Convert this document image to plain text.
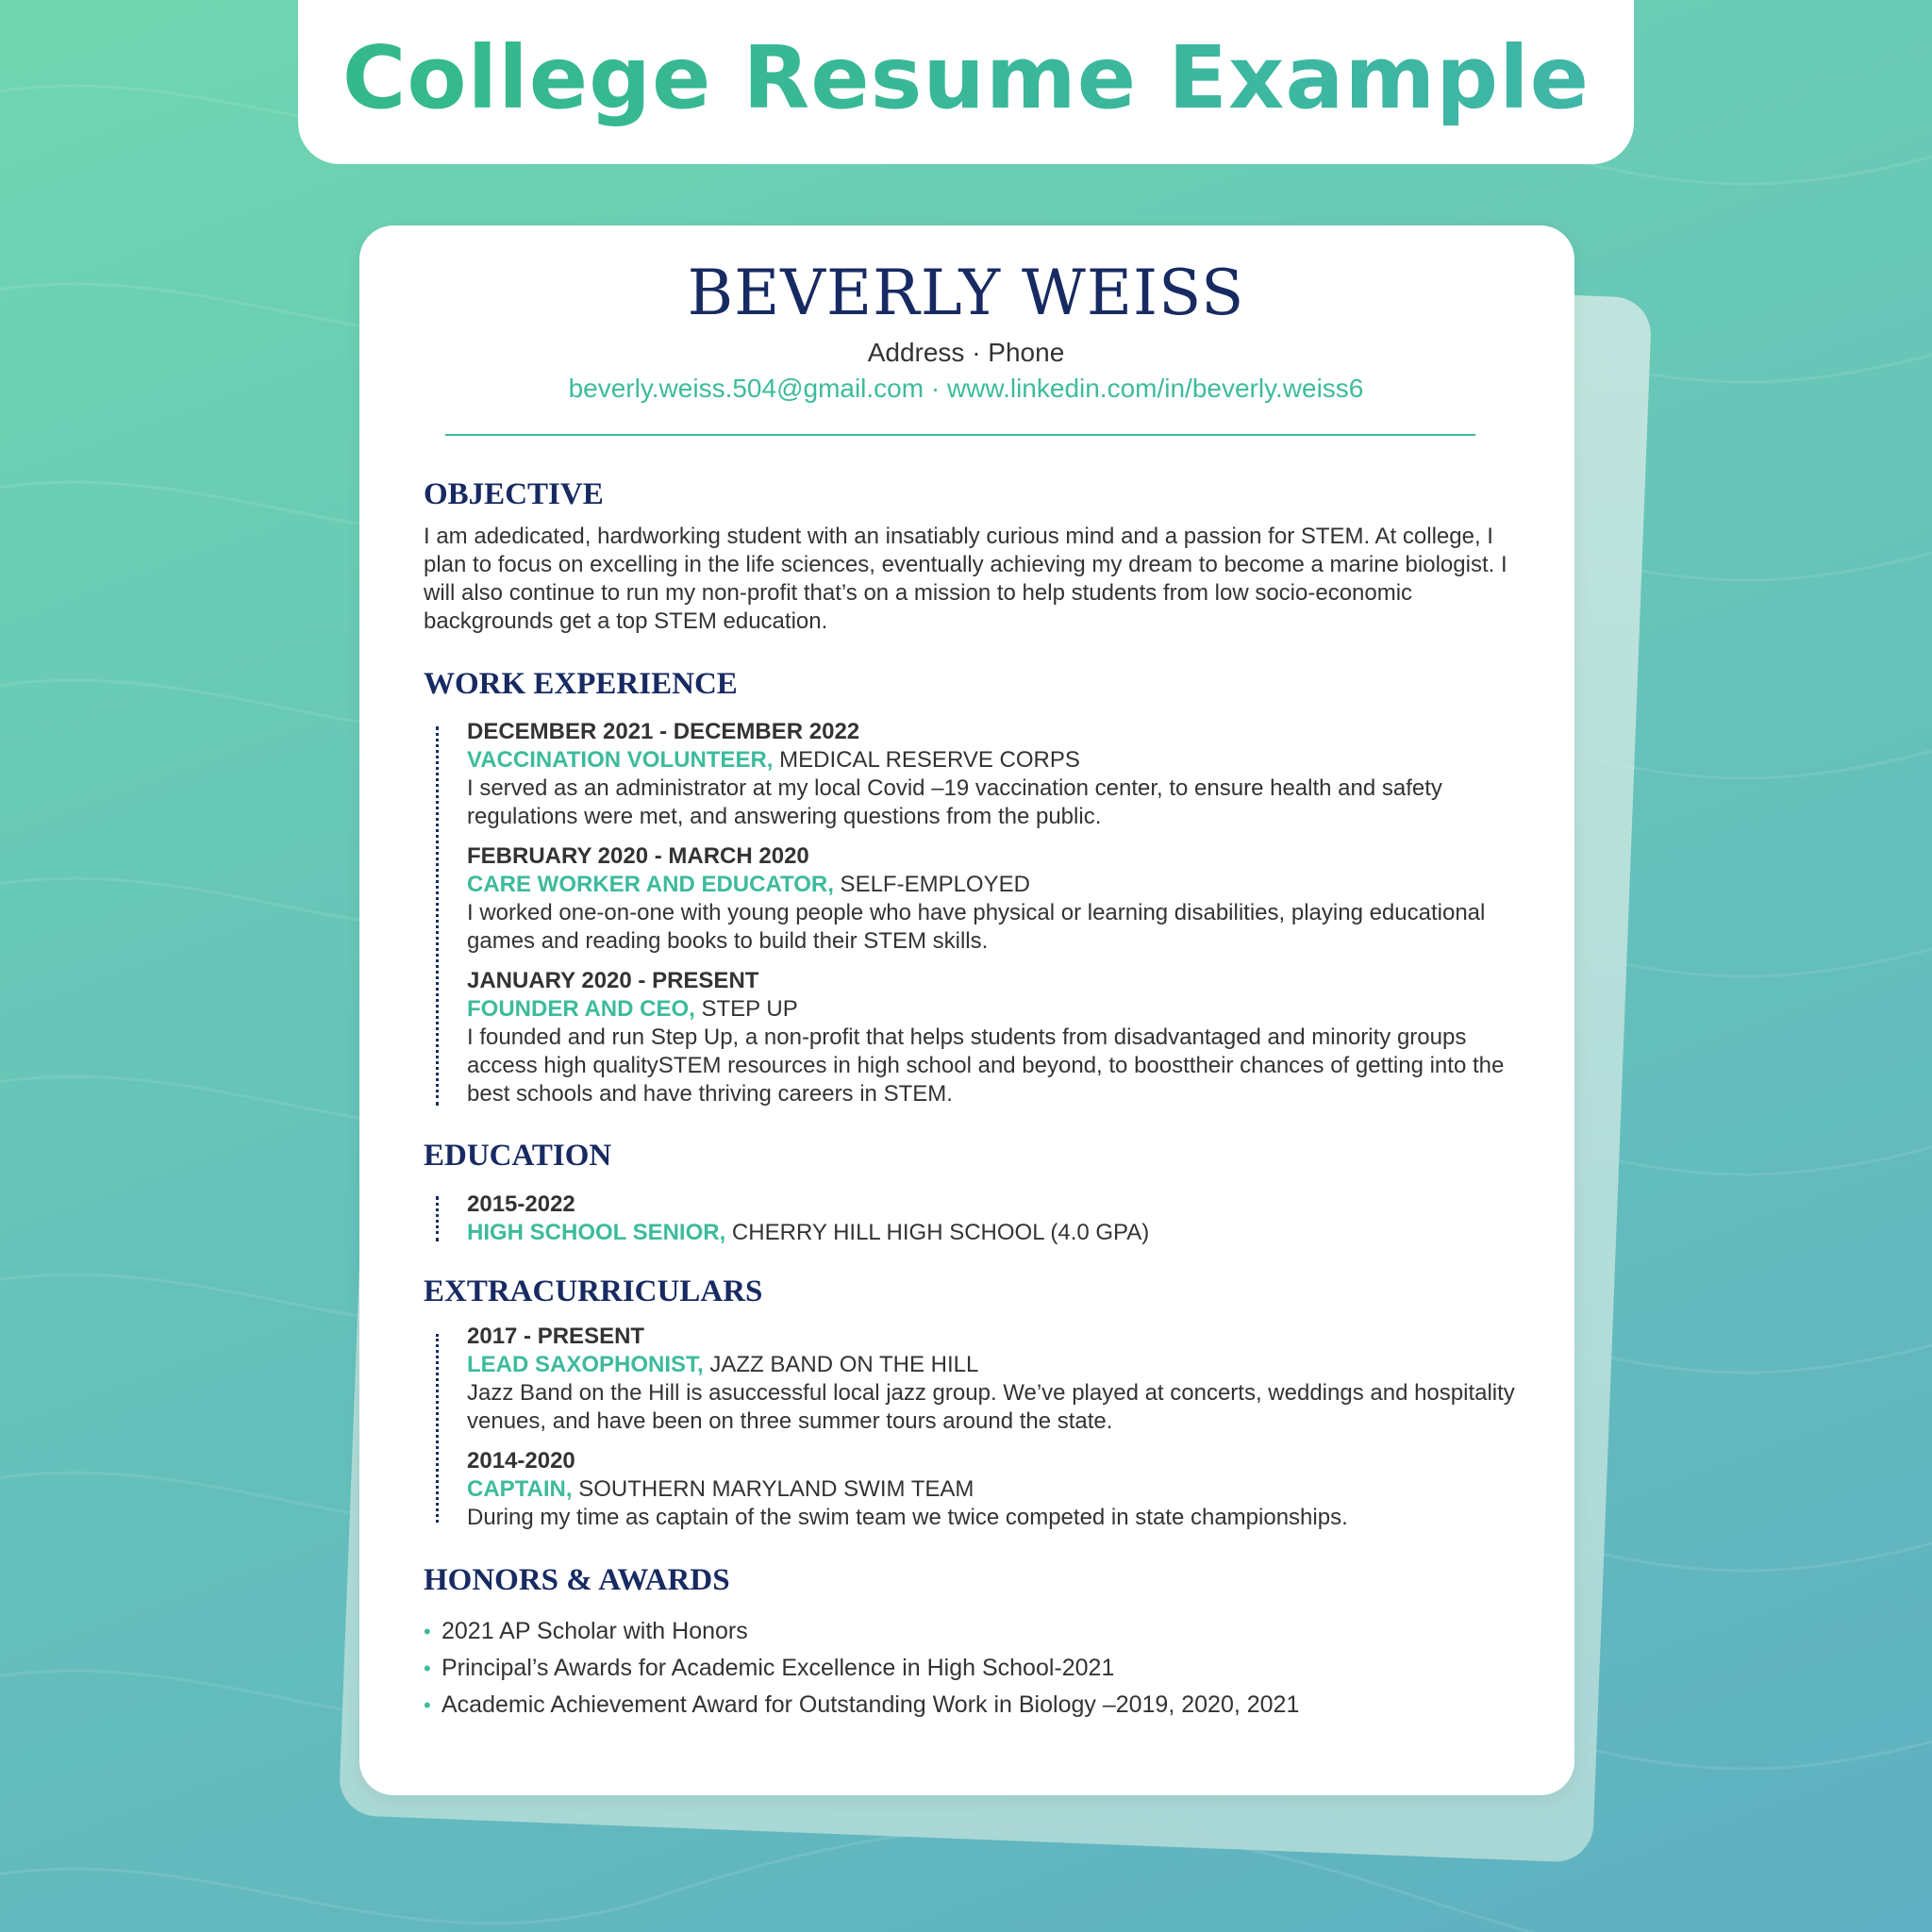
College Resume Example
BEVERLY WEISS
Address · Phone
beverly.weiss.504@gmail.com · www.linkedin.com/in/beverly.weiss6
OBJECTIVE
I am adedicated, hardworking student with an insatiably curious mind and a passion for STEM. At college, I plan to focus on excelling in the life sciences, eventually achieving my dream to become a marine biologist. I will also continue to run my non-profit that’s on a mission to help students from low socio-economic backgrounds get a top STEM education.
WORK EXPERIENCE
DECEMBER 2021 - DECEMBER 2022
VACCINATION VOLUNTEER, MEDICAL RESERVE CORPS
I served as an administrator at my local Covid –19 vaccination center, to ensure health and safety regulations were met, and answering questions from the public.
FEBRUARY 2020 - MARCH 2020
CARE WORKER AND EDUCATOR, SELF-EMPLOYED
I worked one-on-one with young people who have physical or learning disabilities, playing educational games and reading books to build their STEM skills.
JANUARY 2020 - PRESENT
FOUNDER AND CEO, STEP UP
I founded and run Step Up, a non-profit that helps students from disadvantaged and minority groups access high qualitySTEM resources in high school and beyond, to boosttheir chances of getting into the best schools and have thriving careers in STEM.
EDUCATION
2015-2022
HIGH SCHOOL SENIOR, CHERRY HILL HIGH SCHOOL (4.0 GPA)
EXTRACURRICULARS
2017 - PRESENT
LEAD SAXOPHONIST, JAZZ BAND ON THE HILL
Jazz Band on the Hill is asuccessful local jazz group. We’ve played at concerts, weddings and hospitality venues, and have been on three summer tours around the state.
2014-2020
CAPTAIN, SOUTHERN MARYLAND SWIM TEAM
During my time as captain of the swim team we twice competed in state championships.
HONORS & AWARDS
• 2021 AP Scholar with Honors
• Principal’s Awards for Academic Excellence in High School-2021
• Academic Achievement Award for Outstanding Work in Biology –2019, 2020, 2021
